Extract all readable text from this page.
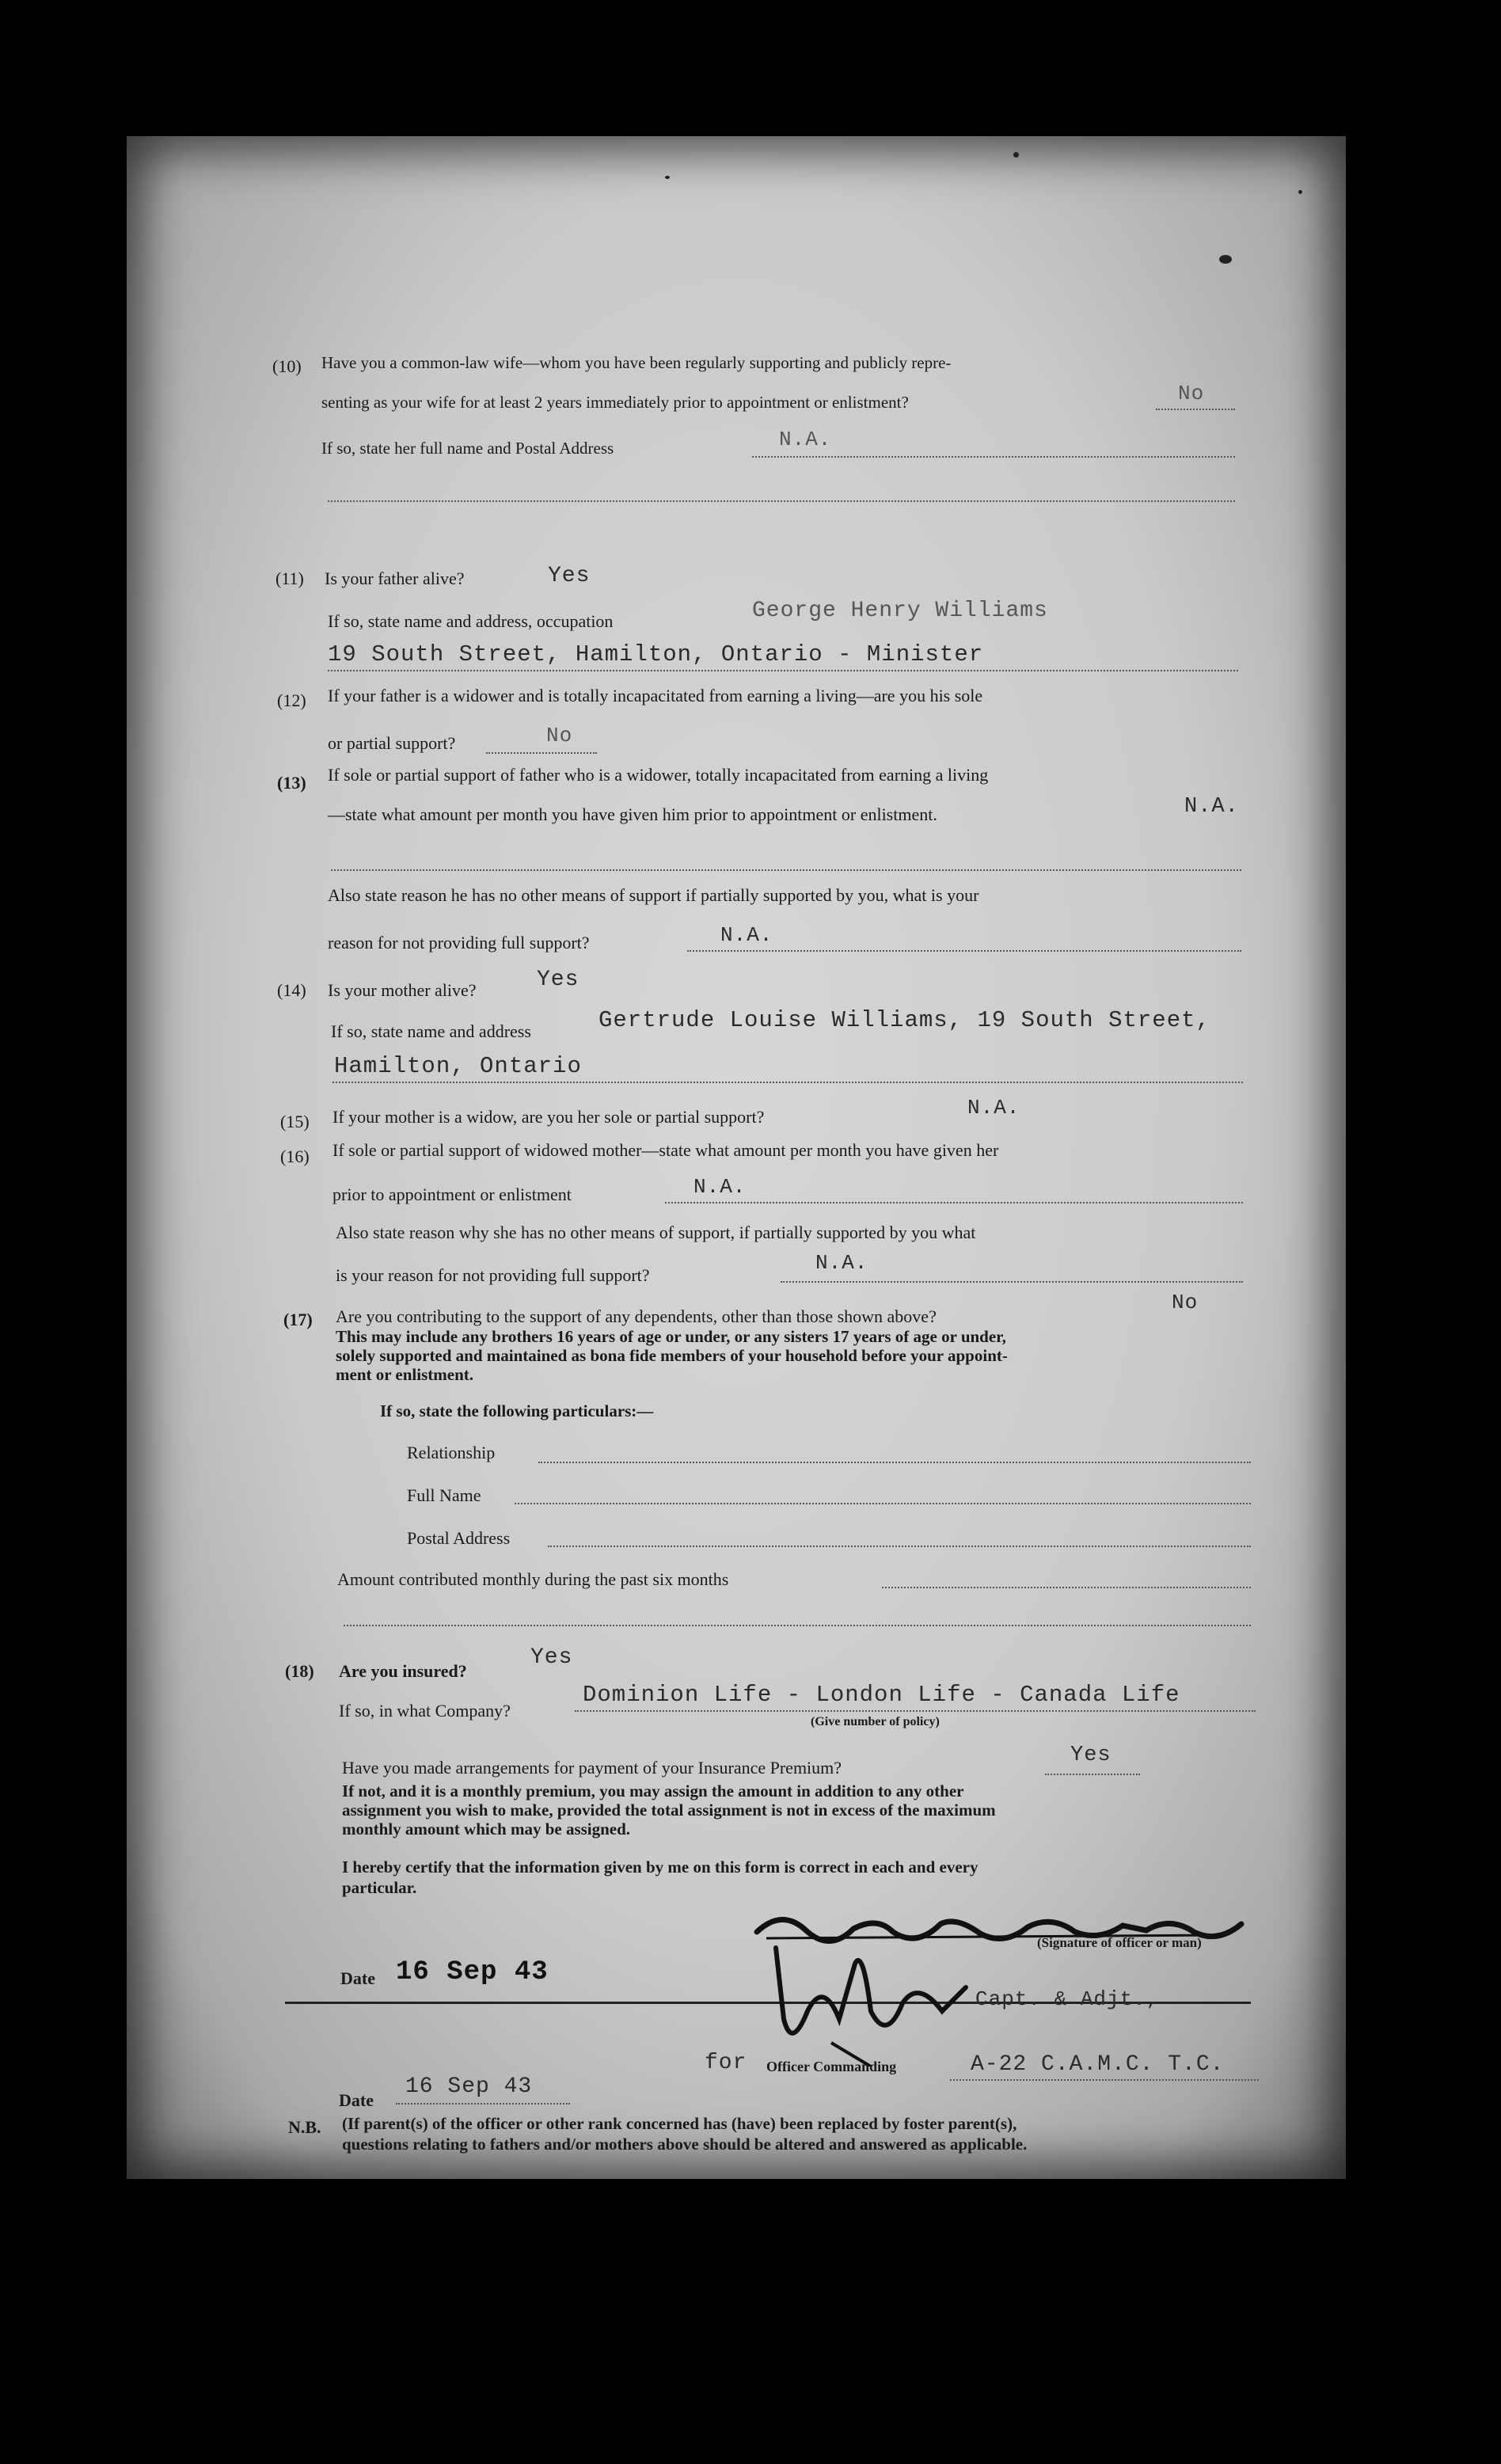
(10) Have you a common-law wife—whom you have been regularly supporting and publicly repre-
senting as your wife for at least 2 years immediately prior to appointment or enlistment?	No
If so, state her full name and Postal Address	N.A.
(11) Is your father alive?	Yes
If so, state name and address, occupation	George Henry Williams
19 South Street, Hamilton, Ontario - Minister
(12) If your father is a widower and is totally incapacitated from earning a living—are you his sole
or partial support?	No
(13) If sole or partial support of father who is a widower, totally incapacitated from earning a living
—state what amount per month you have given him prior to appointment or enlistment.	N.A.
Also state reason he has no other means of support if partially supported by you, what is your
reason for not providing full support?	N.A.
(14) Is your mother alive?	Yes
If so, state name and address	Gertrude Louise Williams, 19 South Street,
Hamilton, Ontario
(15) If your mother is a widow, are you her sole or partial support?	N.A.
(16) If sole or partial support of widowed mother—state what amount per month you have given her
prior to appointment or enlistment	N.A.
Also state reason why she has no other means of support, if partially supported by you what
is your reason for not providing full support?
N.A.
(17) Are you contributing to the support of any dependents, other than those shown above?
No
This may include any brothers 16 years of age or under, or any sisters 17 years of age or under,
solely supported and maintained as bona fide members of your household before your appoint-
ment or enlistment.
If so, state the following particulars:—
Relationship
Full Name
Postal Address
Amount contributed monthly during the past six months
(18) Are you insured?
Yes
If so, in what Company?
Dominion Life - London Life - Canada Life
(Give number of policy)
Have you made arrangements for payment of your Insurance Premium?
Yes
If not, and it is a monthly premium, you may assign the amount in addition to any other
assignment you wish to make, provided the total assignment is not in excess of the maximum
monthly amount which may be assigned.
I hereby certify that the information given by me on this form is correct in each and every
particular.
(Signature of officer or man)
Date 16 Sep 43
Capt. & Adjt.,
for Officer Commanding	A-22 C.A.M.C. T.C.
Date
16 Sep 43
N.B. (If parent(s) of the officer or other rank concerned has (have) been replaced by foster parent(s),
questions relating to fathers and/or mothers above should be altered and answered as applicable.
